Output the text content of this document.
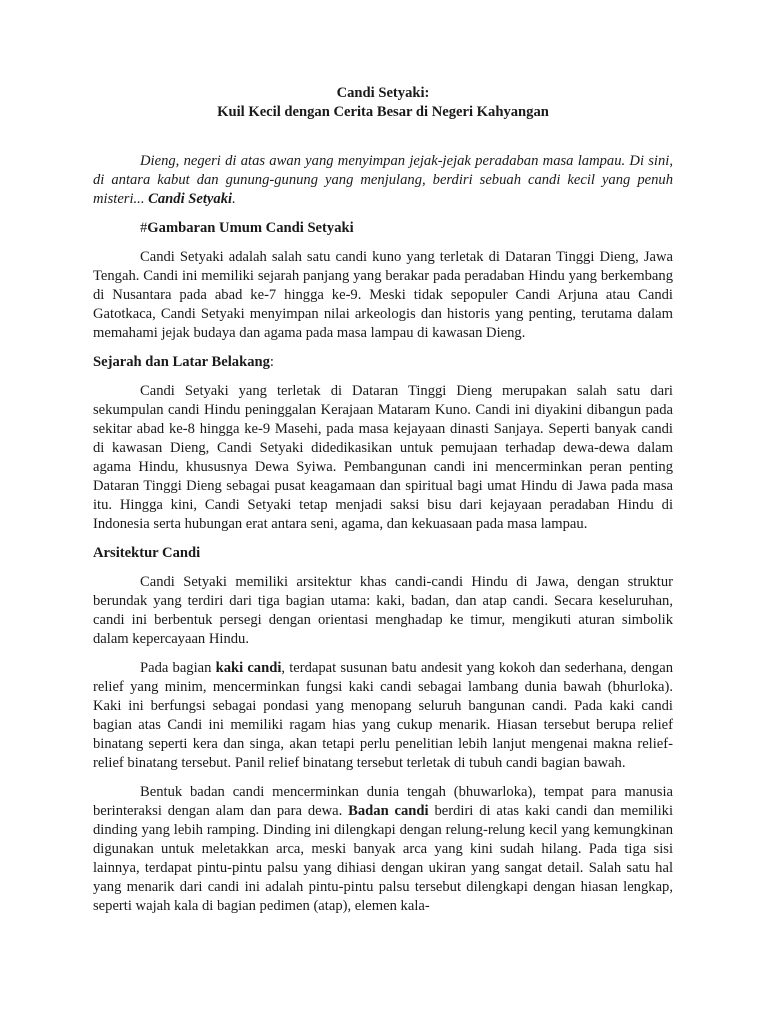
Candi Setyaki:
Kuil Kecil dengan Cerita Besar di Negeri Kahyangan

Dieng, negeri di atas awan yang menyimpan jejak-jejak peradaban masa lampau. Di sini, di antara kabut dan gunung-gunung yang menjulang, berdiri sebuah candi kecil yang penuh misteri... Candi Setyaki.

#Gambaran Umum Candi Setyaki

Candi Setyaki adalah salah satu candi kuno yang terletak di Dataran Tinggi Dieng, Jawa Tengah. Candi ini memiliki sejarah panjang yang berakar pada peradaban Hindu yang berkembang di Nusantara pada abad ke-7 hingga ke-9. Meski tidak sepopuler Candi Arjuna atau Candi Gatotkaca, Candi Setyaki menyimpan nilai arkeologis dan historis yang penting, terutama dalam memahami jejak budaya dan agama pada masa lampau di kawasan Dieng.

Sejarah dan Latar Belakang:

Candi Setyaki yang terletak di Dataran Tinggi Dieng merupakan salah satu dari sekumpulan candi Hindu peninggalan Kerajaan Mataram Kuno. Candi ini diyakini dibangun pada sekitar abad ke-8 hingga ke-9 Masehi, pada masa kejayaan dinasti Sanjaya. Seperti banyak candi di kawasan Dieng, Candi Setyaki didedikasikan untuk pemujaan terhadap dewa-dewa dalam agama Hindu, khususnya Dewa Syiwa. Pembangunan candi ini mencerminkan peran penting Dataran Tinggi Dieng sebagai pusat keagamaan dan spiritual bagi umat Hindu di Jawa pada masa itu. Hingga kini, Candi Setyaki tetap menjadi saksi bisu dari kejayaan peradaban Hindu di Indonesia serta hubungan erat antara seni, agama, dan kekuasaan pada masa lampau.

Arsitektur Candi

Candi Setyaki memiliki arsitektur khas candi-candi Hindu di Jawa, dengan struktur berundak yang terdiri dari tiga bagian utama: kaki, badan, dan atap candi. Secara keseluruhan, candi ini berbentuk persegi dengan orientasi menghadap ke timur, mengikuti aturan simbolik dalam kepercayaan Hindu.

Pada bagian kaki candi, terdapat susunan batu andesit yang kokoh dan sederhana, dengan relief yang minim, mencerminkan fungsi kaki candi sebagai lambang dunia bawah (bhurloka). Kaki ini berfungsi sebagai pondasi yang menopang seluruh bangunan candi. Pada kaki candi bagian atas Candi ini memiliki ragam hias yang cukup menarik. Hiasan tersebut berupa relief binatang seperti kera dan singa, akan tetapi perlu penelitian lebih lanjut mengenai makna relief-relief binatang tersebut. Panil relief binatang tersebut terletak di tubuh candi bagian bawah.

Bentuk badan candi mencerminkan dunia tengah (bhuwarloka), tempat para manusia berinteraksi dengan alam dan para dewa. Badan candi berdiri di atas kaki candi dan memiliki dinding yang lebih ramping. Dinding ini dilengkapi dengan relung-relung kecil yang kemungkinan digunakan untuk meletakkan arca, meski banyak arca yang kini sudah hilang. Pada tiga sisi lainnya, terdapat pintu-pintu palsu yang dihiasi dengan ukiran yang sangat detail. Salah satu hal yang menarik dari candi ini adalah pintu-pintu palsu tersebut dilengkapi dengan hiasan lengkap, seperti wajah kala di bagian pedimen (atap), elemen kala-
